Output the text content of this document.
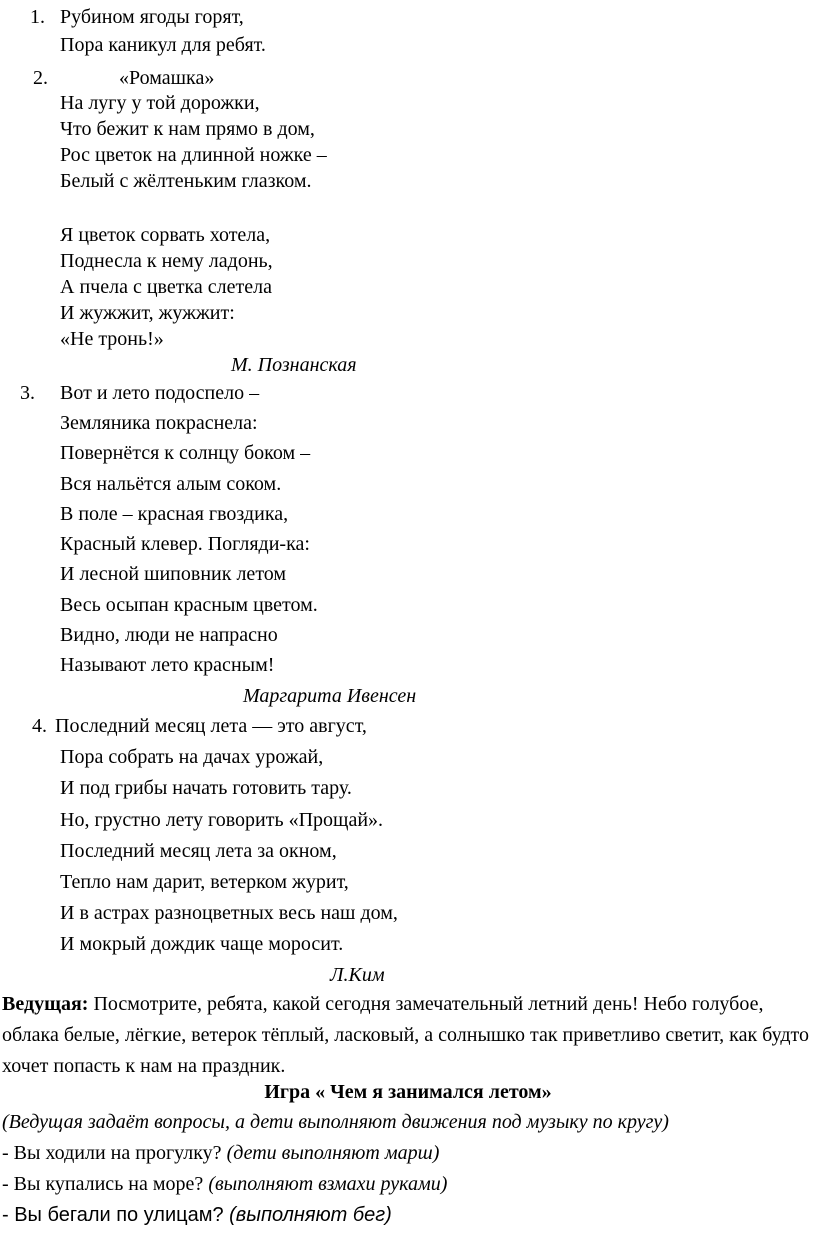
1. Рубином ягоды горят,
Пора каникул для ребят.
2.	«Ромашка»
На лугу у той дорожки,
Что бежит к нам прямо в дом,
Рос цветок на длинной ножке –
Белый с жёлтеньким глазком.
Я цветок сорвать хотела,
Поднесла к нему ладонь,
А пчела с цветка слетела
И жужжит, жужжит:
«Не тронь!»
М. Познанская
3. Вот и лето подоспело –
Земляника покраснела:
Повернётся к солнцу боком –
Вся нальётся алым соком.
В поле – красная гвоздика,
Красный клевер. Погляди-ка:
И лесной шиповник летом
Весь осыпан красным цветом.
Видно, люди не напрасно
Называют лето красным!
Маргарита Ивенсен
4. Последний месяц лета — это август,
Пора собрать на дачах урожай,
И под грибы начать готовить тару.
Но, грустно лету говорить «Прощай».
Последний месяц лета за окном,
Тепло нам дарит, ветерком журит,
И в астрах разноцветных весь наш дом,
И мокрый дождик чаще моросит.
Л.Ким
Ведущая: Посмотрите, ребята, какой сегодня замечательный летний день! Небо голубое, облака белые, лёгкие, ветерок тёплый, ласковый, а солнышко так приветливо светит, как будто хочет попасть к нам на праздник.
Игра « Чем я занимался летом»
(Ведущая задаёт вопросы, а дети выполняют движения под музыку по кругу)
- Вы ходили на прогулку? (дети выполняют марш)
- Вы купались на море? (выполняют взмахи руками)
- Вы бегали по улицам? (выполняют бег)
